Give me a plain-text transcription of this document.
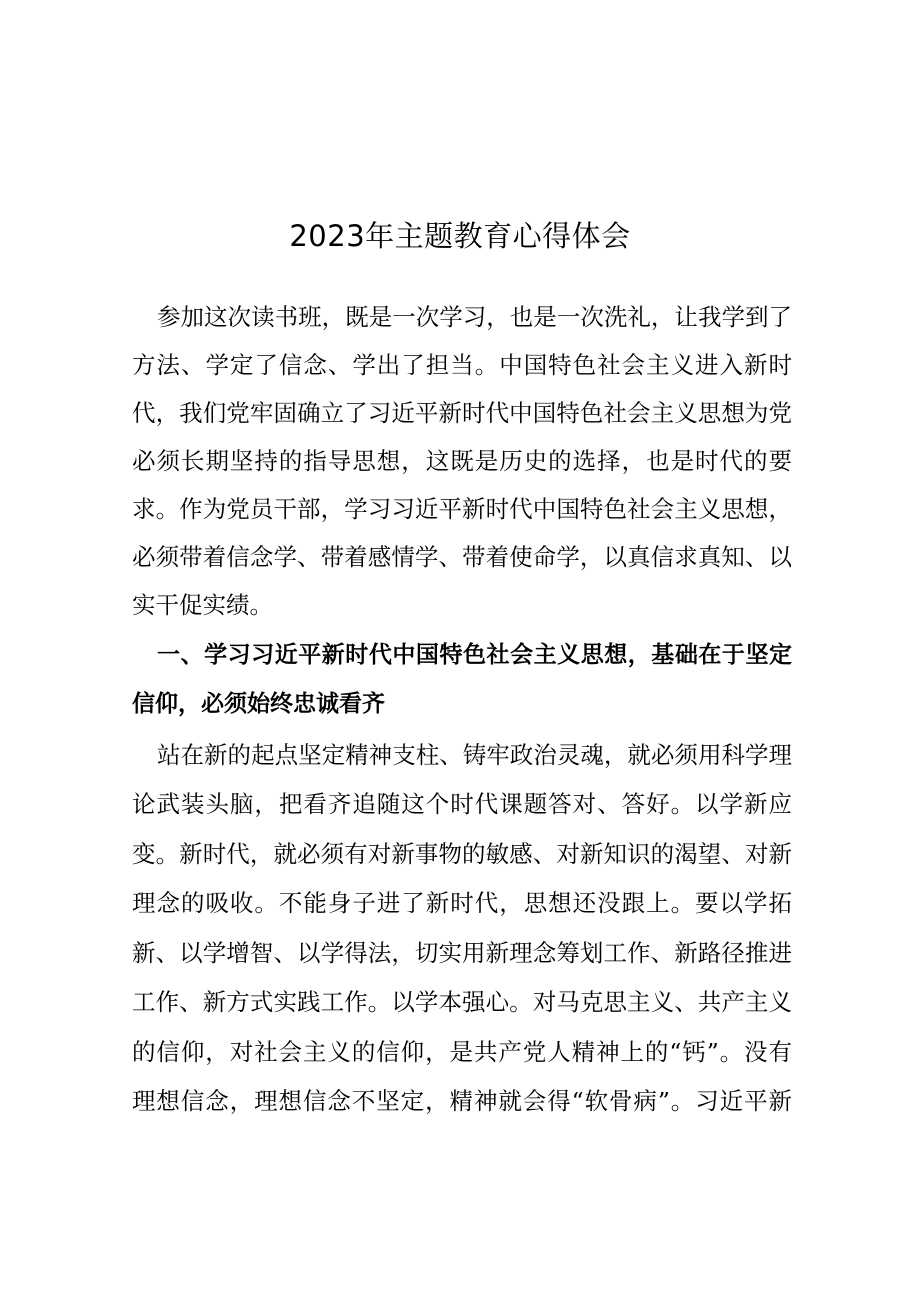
2023年主题教育心得体会

参加这次读书班，既是一次学习，也是一次洗礼，让我学到了

方法、学定了信念、学出了担当。中国特色社会主义进入新时

代，我们党牢固确立了习近平新时代中国特色社会主义思想为党

必须长期坚持的指导思想，这既是历史的选择，也是时代的要

求。作为党员干部，学习习近平新时代中国特色社会主义思想，

必须带着信念学、带着感情学、带着使命学，以真信求真知、以

实干促实绩。

一、学习习近平新时代中国特色社会主义思想，基础在于坚定

信仰，必须始终忠诚看齐

站在新的起点坚定精神支柱、铸牢政治灵魂，就必须用科学理

论武装头脑，把看齐追随这个时代课题答对、答好。以学新应

变。新时代，就必须有对新事物的敏感、对新知识的渴望、对新

理念的吸收。不能身子进了新时代，思想还没跟上。要以学拓

新、以学增智、以学得法，切实用新理念筹划工作、新路径推进

工作、新方式实践工作。以学本强心。对马克思主义、共产主义

的信仰，对社会主义的信仰，是共产党人精神上的“钙”。没有

理想信念，理想信念不坚定，精神就会得“软骨病”。习近平新
